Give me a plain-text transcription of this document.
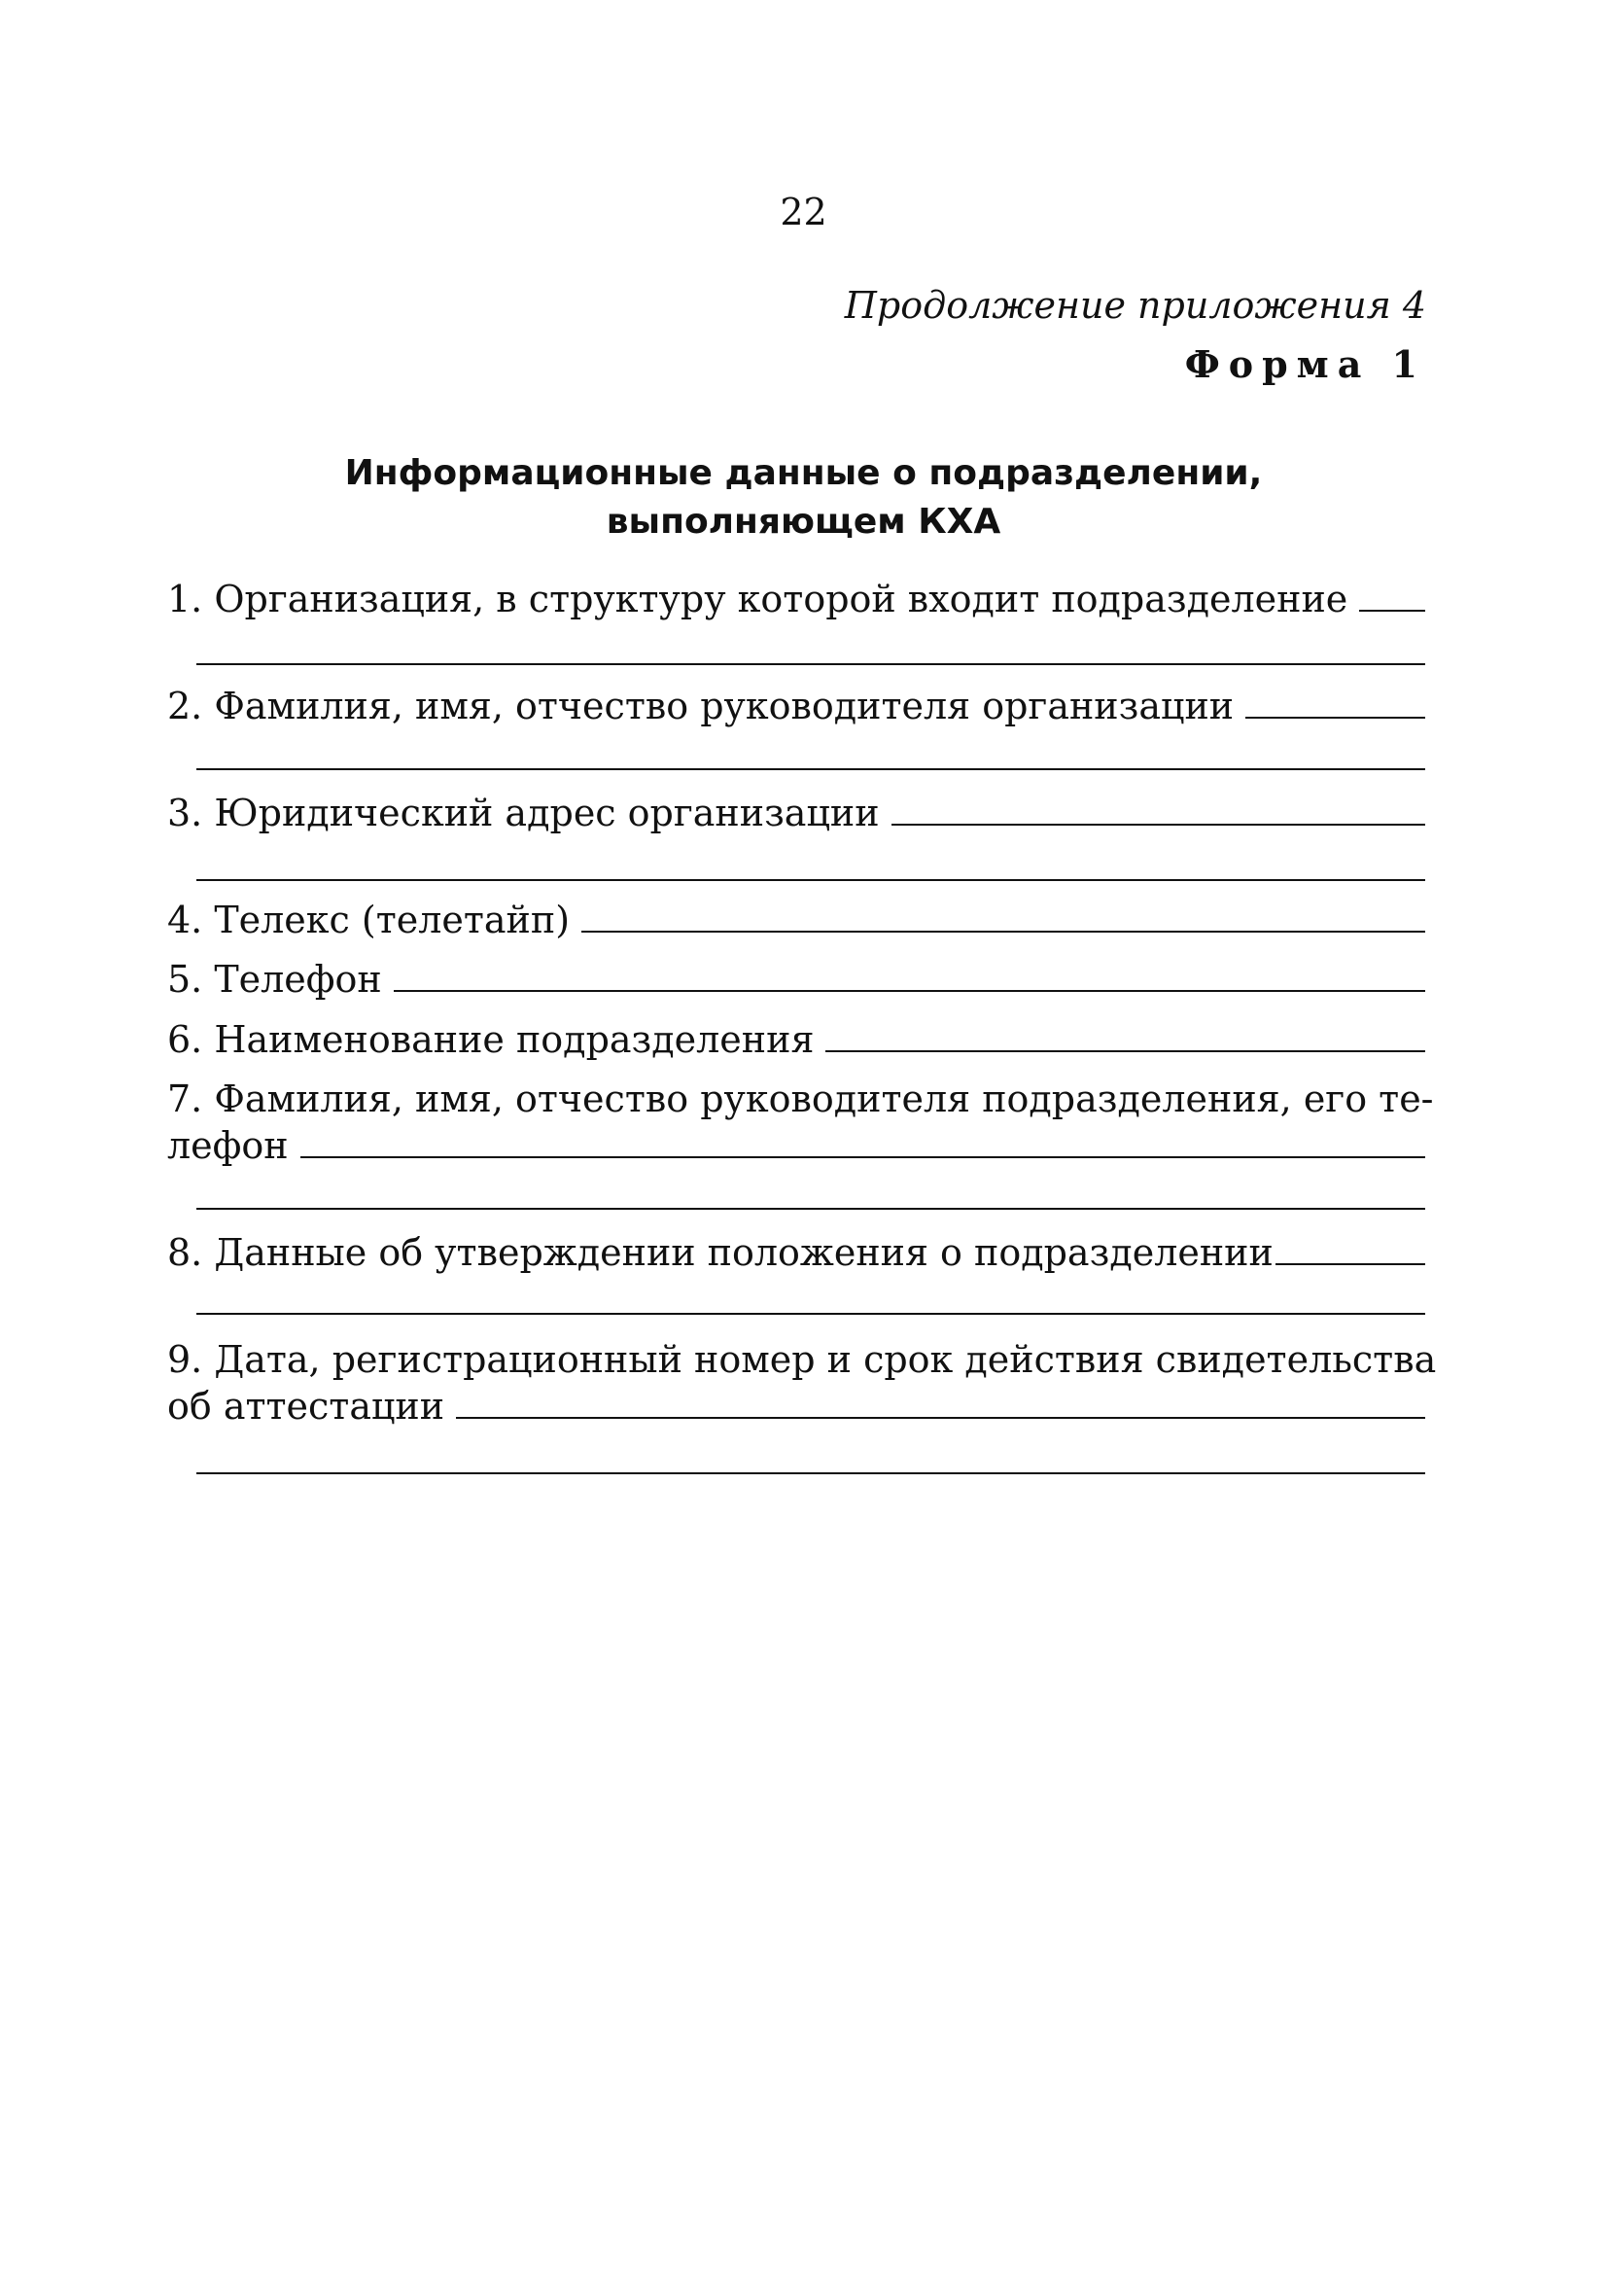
22
Продолжение приложения 4
Форма 1
Информационные данные о подразделении,
выполняющем КХА
1. Организация, в структуру которой входит подразделение
2. Фамилия, имя, отчество руководителя организации
3. Юридический адрес организации
4. Телекс (телетайп)
5. Телефон
6. Наименование подразделения
7. Фамилия, имя, отчество руководителя подразделения, его те-
лефон
8. Данные об утверждении положения о подразделении
9. Дата, регистрационный номер и срок действия свидетельства
об аттестации
